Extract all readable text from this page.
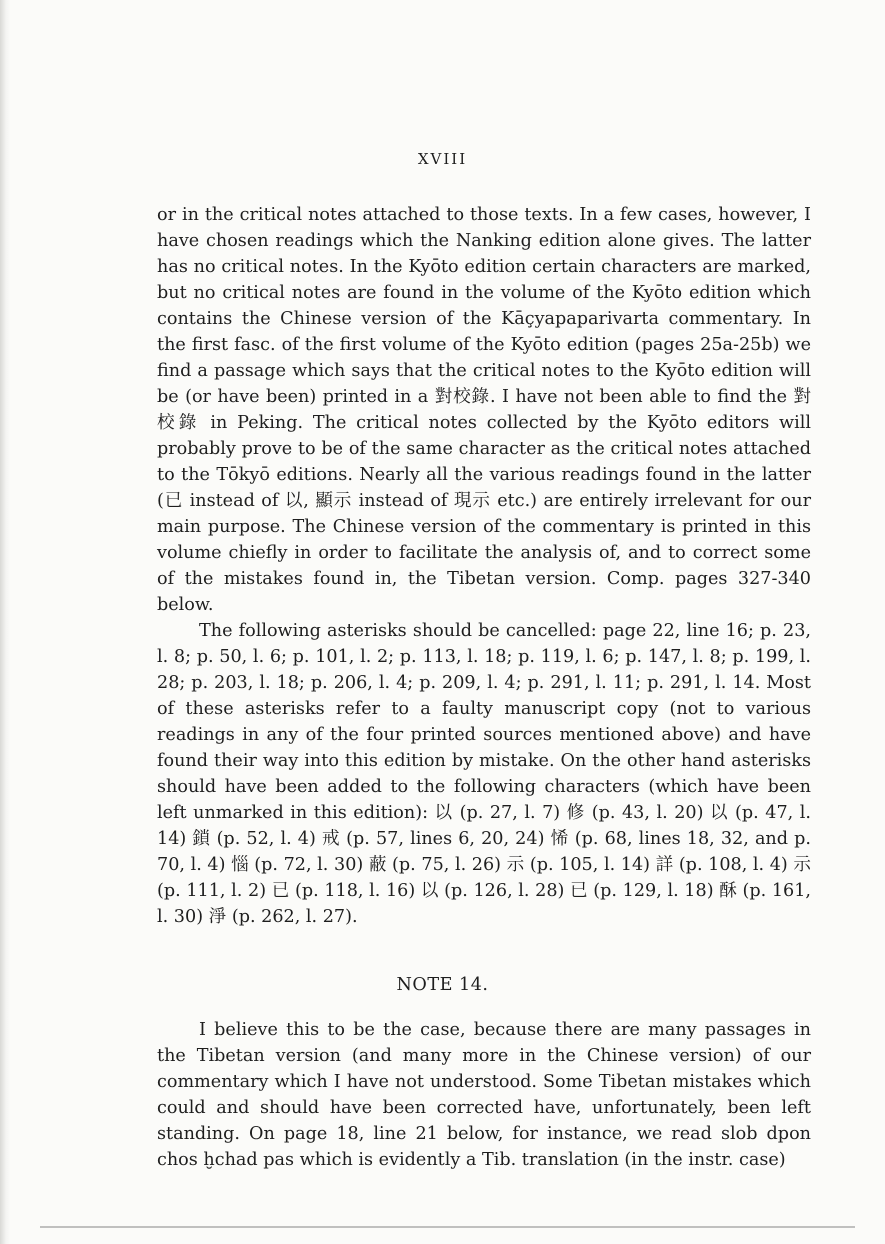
XVIII

or in the critical notes attached to those texts. In a few cases, however, I have chosen readings which the Nanking edition alone gives. The latter has no critical notes. In the Kyōto edition certain characters are marked, but no critical notes are found in the volume of the Kyōto edition which contains the Chinese version of the Kāçyapaparivarta commentary. In the first fasc. of the first volume of the Kyōto edition (pages 25a-25b) we find a passage which says that the critical notes to the Kyōto edition will be (or have been) printed in a 對校錄. I have not been able to find the 對校錄 in Peking. The critical notes collected by the Kyōto editors will probably prove to be of the same character as the critical notes attached to the Tōkyō editions. Nearly all the various readings found in the latter (已 instead of 以, 顯示 instead of 現示 etc.) are entirely irrelevant for our main purpose. The Chinese version of the commentary is printed in this volume chiefly in order to facilitate the analysis of, and to correct some of the mistakes found in, the Tibetan version. Comp. pages 327-340 below.

The following asterisks should be cancelled: page 22, line 16; p. 23, l. 8; p. 50, l. 6; p. 101, l. 2; p. 113, l. 18; p. 119, l. 6; p. 147, l. 8; p. 199, l. 28; p. 203, l. 18; p. 206, l. 4; p. 209, l. 4; p. 291, l. 11; p. 291, l. 14. Most of these asterisks refer to a faulty manuscript copy (not to various readings in any of the four printed sources mentioned above) and have found their way into this edition by mistake. On the other hand asterisks should have been added to the following characters (which have been left unmarked in this edition): 以 (p. 27, l. 7) 修 (p. 43, l. 20) 以 (p. 47, l. 14) 鎖 (p. 52, l. 4) 戒 (p. 57, lines 6, 20, 24) 悕 (p. 68, lines 18, 32, and p. 70, l. 4) 惱 (p. 72, l. 30) 蔽 (p. 75, l. 26) 示 (p. 105, l. 14) 詳 (p. 108, l. 4) 示 (p. 111, l. 2) 已 (p. 118, l. 16) 以 (p. 126, l. 28) 已 (p. 129, l. 18) 酥 (p. 161, l. 30) 淨 (p. 262, l. 27).

NOTE 14.

I believe this to be the case, because there are many passages in the Tibetan version (and many more in the Chinese version) of our commentary which I have not understood. Some Tibetan mistakes which could and should have been corrected have, unfortunately, been left standing. On page 18, line 21 below, for instance, we read slob dpon chos ḫchad pas which is evidently a Tib. translation (in the instr. case)
